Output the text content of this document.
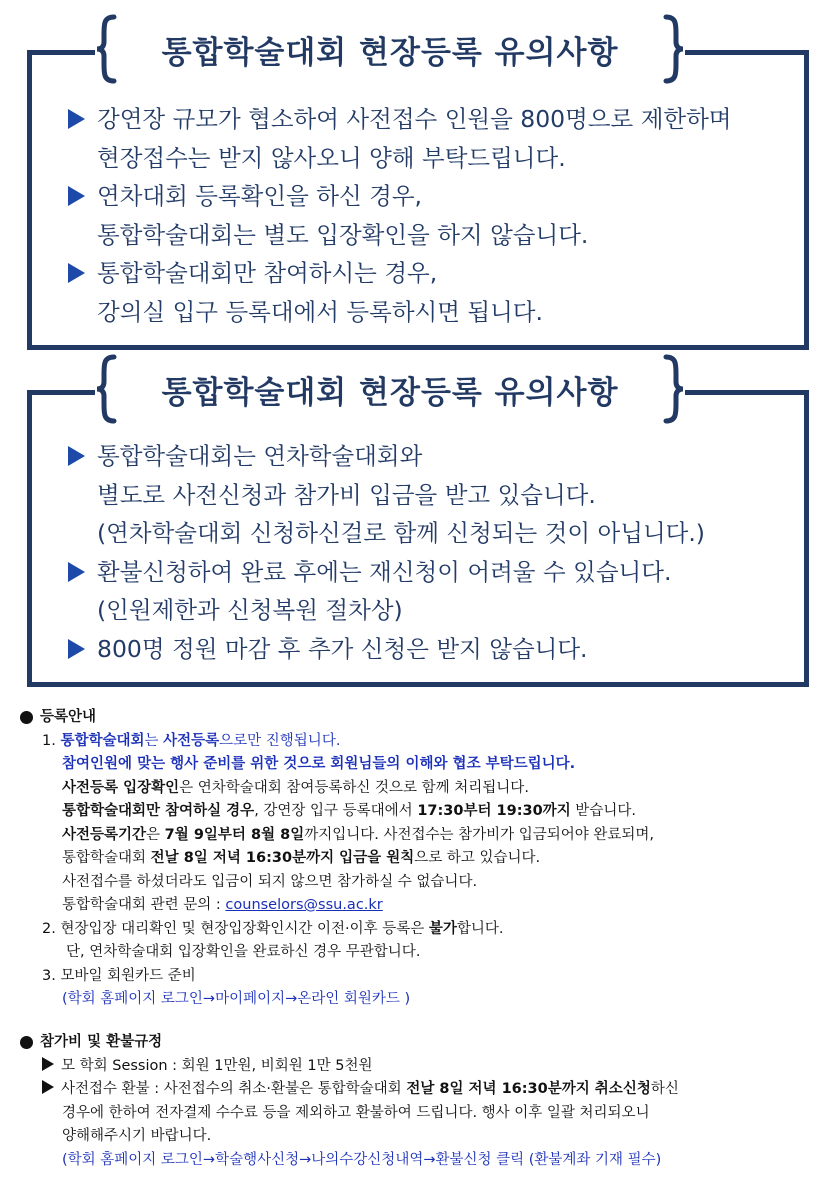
통합학술대회 현장등록 유의사항
강연장 규모가 협소하여 사전접수 인원을 800명으로 제한하며
현장접수는 받지 않사오니 양해 부탁드립니다.
연차대회 등록확인을 하신 경우,
통합학술대회는 별도 입장확인을 하지 않습니다.
통합학술대회만 참여하시는 경우,
강의실 입구 등록대에서 등록하시면 됩니다.
통합학술대회 현장등록 유의사항
통합학술대회는 연차학술대회와
별도로 사전신청과 참가비 입금을 받고 있습니다.
(연차학술대회 신청하신걸로 함께 신청되는 것이 아닙니다.)
환불신청하여 완료 후에는 재신청이 어려울 수 있습니다.
(인원제한과 신청복원 절차상)
800명 정원 마감 후 추가 신청은 받지 않습니다.
등록안내
1. 통합학술대회는 사전등록으로만 진행됩니다.
참여인원에 맞는 행사 준비를 위한 것으로 회원님들의 이해와 협조 부탁드립니다.
사전등록 입장확인은 연차학술대회 참여등록하신 것으로 함께 처리됩니다.
통합학술대회만 참여하실 경우, 강연장 입구 등록대에서 17:30부터 19:30까지 받습니다.
사전등록기간은 7월 9일부터 8월 8일까지입니다. 사전접수는 참가비가 입금되어야 완료되며,
통합학술대회 전날 8일 저녁 16:30분까지 입금을 원칙으로 하고 있습니다.
사전접수를 하셨더라도 입금이 되지 않으면 참가하실 수 없습니다.
통합학술대회 관련 문의 : counselors@ssu.ac.kr
2. 현장입장 대리확인 및 현장입장확인시간 이전·이후 등록은 불가합니다.
단, 연차학술대회 입장확인을 완료하신 경우 무관합니다.
3. 모바일 회원카드 준비
(학회 홈페이지 로그인→마이페이지→온라인 회원카드 )
참가비 및 환불규정
모 학회 Session : 회원 1만원, 비회원 1만 5천원
사전접수 환불 : 사전접수의 취소·환불은 통합학술대회 전날 8일 저녁 16:30분까지 취소신청하신
경우에 한하여 전자결제 수수료 등을 제외하고 환불하여 드립니다. 행사 이후 일괄 처리되오니
양해해주시기 바랍니다.
(학회 홈페이지 로그인→학술행사신청→나의수강신청내역→환불신청 클릭 (환불계좌 기재 필수)
